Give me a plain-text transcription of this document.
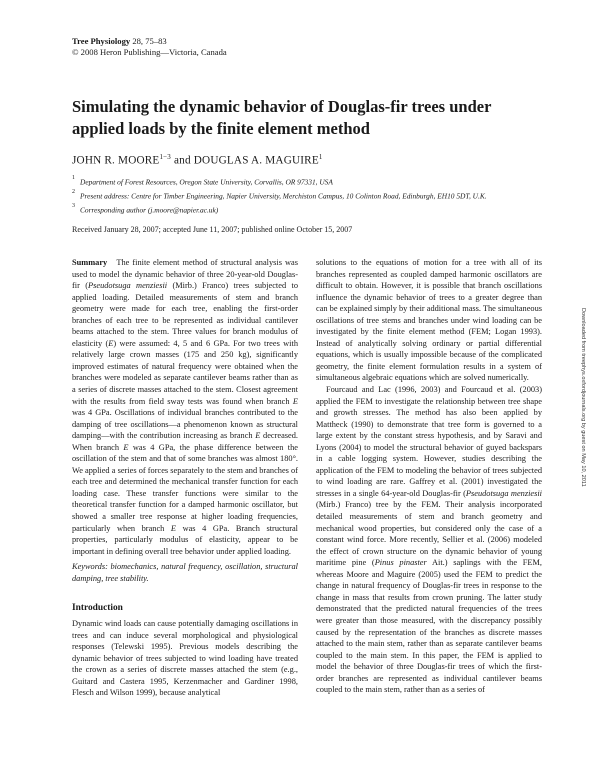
Tree Physiology 28, 75–83
© 2008 Heron Publishing—Victoria, Canada
Simulating the dynamic behavior of Douglas-fir trees under applied loads by the finite element method
JOHN R. $MOORE^{1-3}$ and DOUGLAS A. MAGUIRE$^1$
$^1$ Department of Forest Resources, Oregon State University, Corvallis, OR 97331, USA
$^2$ Present address: Centre for Timber Engineering, Napier University, Merchiston Campus, 10 Colinton Road, Edinburgh, EH10 5DT, U.K.
$^3$ Corresponding author (j.moore@napier.ac.uk)
Received January 28, 2007; accepted June 11, 2007; published online October 15, 2007

Summary The finite element method of structural analysis was used to model the dynamic behavior of three 20-year-old Douglas-fir (Pseudotsuga menziesii (Mirb.) Franco) trees subjected to applied loading. Detailed measurements of stem and branch geometry were made for each tree, enabling the first-order branches of each tree to be represented as individual cantilever beams attached to the stem. Three values for branch modulus of elasticity (E) were assumed: 4, 5 and 6 GPa. For two trees with relatively large crown masses (175 and 250 kg), significantly improved estimates of natural frequency were obtained when the branches were modeled as separate cantilever beams rather than as a series of discrete masses attached to the stem. Closest agreement with the results from field sway tests was found when branch E was 4 GPa. Oscillations of individual branches contributed to the damping of tree oscillations—a phenomenon known as structural damping—with the contribution increasing as branch E decreased. When branch E was 4 GPa, the phase difference between the oscillation of the stem and that of some branches was almost 180°. We applied a series of forces separately to the stem and branches of each tree and determined the mechanical transfer function for each loading case. These transfer functions were similar to the theoretical transfer function for a damped harmonic oscillator, but showed a smaller tree response at higher loading frequencies, particularly when branch E was 4 GPa. Branch structural properties, particularly modulus of elasticity, appear to be important in defining overall tree behavior under applied loading.

Keywords: biomechanics, natural frequency, oscillation, structural damping, tree stability.

Introduction

Dynamic wind loads can cause potentially damaging oscillations in trees and can induce several morphological and physiological responses (Telewski 1995). Previous models describing the dynamic behavior of trees subjected to wind loading have treated the crown as a series of discrete masses attached the stem (e.g., Guitard and Castera 1995, Kerzenmacher and Gardiner 1998, Flesch and Wilson 1999), because analytical

solutions to the equations of motion for a tree with all of its branches represented as coupled damped harmonic oscillators are difficult to obtain. However, it is possible that branch oscillations influence the dynamic behavior of trees to a greater degree than can be explained simply by their additional mass. The simultaneous oscillations of tree stems and branches under wind loading can be investigated by the finite element method (FEM; Logan 1993). Instead of analytically solving ordinary or partial differential equations, which is usually impossible because of the complicated geometry, the finite element formulation results in a system of simultaneous algebraic equations which are solved numerically.

Fourcaud and Lac (1996, 2003) and Fourcaud et al. (2003) applied the FEM to investigate the relationship between tree shape and growth stresses. The method has also been applied by Mattheck (1990) to demonstrate that tree form is governed to a large extent by the constant stress hypothesis, and by Saravi and Lyons (2004) to model the structural behavior of guyed backspars in a cable logging system. However, studies describing the application of the FEM to modeling the behavior of trees subjected to wind loading are rare. Gaffrey et al. (2001) investigated the stresses in a single 64-year-old Douglas-fir (Pseudotsuga menziesii (Mirb.) Franco) tree by the FEM. Their analysis incorporated detailed measurements of stem and branch geometry and mechanical wood properties, but considered only the case of a constant wind force. More recently, Sellier et al. (2006) modeled the effect of crown structure on the dynamic behavior of young maritime pine (Pinus pinaster Ait.) saplings with the FEM, whereas Moore and Maguire (2005) used the FEM to predict the change in natural frequency of Douglas-fir trees in response to the change in mass that results from crown pruning. The latter study demonstrated that the predicted natural frequencies of the trees were greater than those measured, with the discrepancy possibly caused by the representation of the branches as discrete masses attached to the main stem, rather than as separate cantilever beams coupled to the main stem. In this paper, the FEM is applied to model the behavior of three Douglas-fir trees of which the first-order branches are represented as individual cantilever beams coupled to the main stem, rather than as a series of

Downloaded from treephys.oxfordjournals.org by guest on May 10, 2011
